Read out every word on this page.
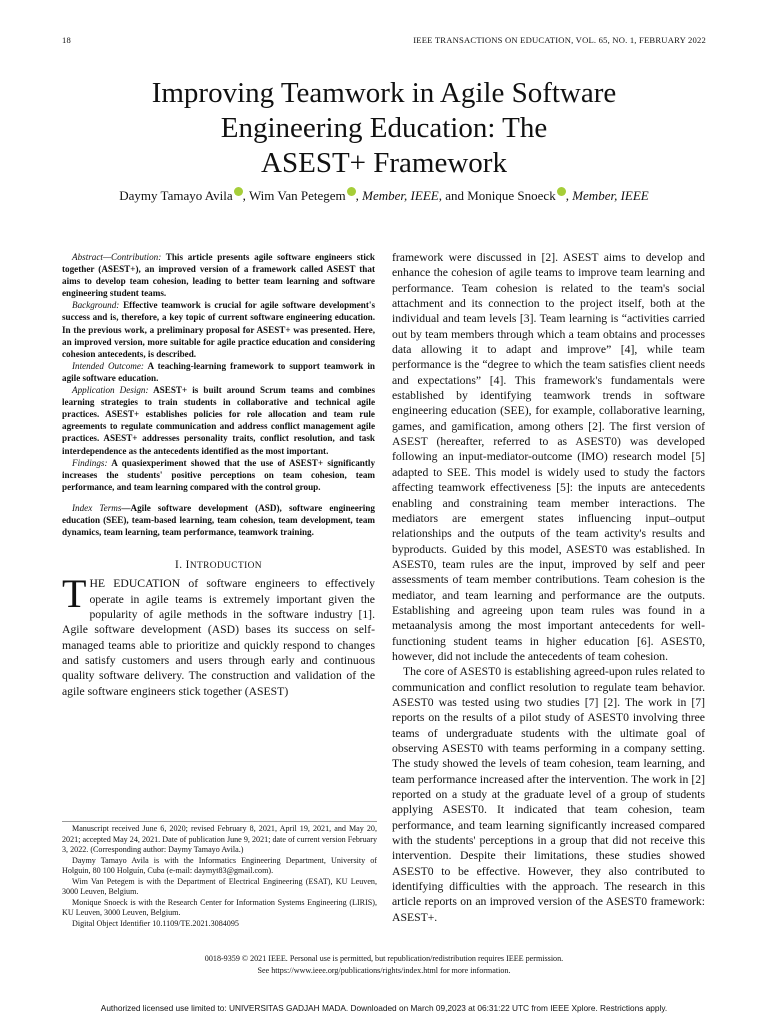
18	IEEE TRANSACTIONS ON EDUCATION, VOL. 65, NO. 1, FEBRUARY 2022
Improving Teamwork in Agile Software
Engineering Education: The
ASEST+ Framework
Daymy Tamayo Avila , Wim Van Petegem , Member, IEEE, and Monique Snoeck , Member, IEEE

Abstract—Contribution: This article presents agile software engineers stick together (ASEST+), an improved version of a framework called ASEST that aims to develop team cohesion, leading to better team learning and software engineering student teams.

Background: Effective teamwork is crucial for agile software development's success and is, therefore, a key topic of current software engineering education. In the previous work, a preliminary proposal for ASEST+ was presented. Here, an improved version, more suitable for agile practice education and considering cohesion antecedents, is described.

Intended Outcome: A teaching-learning framework to support teamwork in agile software education.

Application Design: ASEST+ is built around Scrum teams and combines learning strategies to train students in collaborative and technical agile practices. ASEST+ establishes policies for role allocation and team rule agreements to regulate communication and address conflict management agile practices. ASEST+ addresses personality traits, conflict resolution, and task interdependence as the antecedents identified as the most important.

Findings: A quasiexperiment showed that the use of ASEST+ significantly increases the students' positive perceptions on team cohesion, team performance, and team learning compared with the control group.

Index Terms—Agile software development (ASD), software engineering education (SEE), team-based learning, team cohesion, team development, team dynamics, team learning, team performance, teamwork training.

I. INTRODUCTION

THE EDUCATION of software engineers to effectively operate in agile teams is extremely important given the popularity of agile methods in the software industry [1]. Agile software development (ASD) bases its success on self-managed teams able to prioritize and quickly respond to changes and satisfy customers and users through early and continuous quality software delivery. The construction and validation of the agile software engineers stick together (ASEST)

Manuscript received June 6, 2020; revised February 8, 2021, April 19, 2021, and May 20, 2021; accepted May 24, 2021. Date of publication June 9, 2021; date of current version February 3, 2022. (Corresponding author: Daymy Tamayo Avila.)

Daymy Tamayo Avila is with the Informatics Engineering Department, University of Holguin, 80 100 Holguín, Cuba (e-mail: daymyt83@gmail.com).

Wim Van Petegem is with the Department of Electrical Engineering (ESAT), KU Leuven, 3000 Leuven, Belgium.

Monique Snoeck is with the Research Center for Information Systems Engineering (LIRIS), KU Leuven, 3000 Leuven, Belgium.

Digital Object Identifier 10.1109/TE.2021.3084095

framework were discussed in [2]. ASEST aims to develop and enhance the cohesion of agile teams to improve team learning and performance. Team cohesion is related to the team's social attachment and its connection to the project itself, both at the individual and team levels [3]. Team learning is “activities carried out by team members through which a team obtains and processes data allowing it to adapt and improve” [4], while team performance is the “degree to which the team satisfies client needs and expectations” [4]. This framework's fundamentals were established by identifying teamwork trends in software engineering education (SEE), for example, collaborative learning, games, and gamification, among others [2]. The first version of ASEST (hereafter, referred to as ASEST0) was developed following an input-mediator-outcome (IMO) research model [5] adapted to SEE. This model is widely used to study the factors affecting teamwork effectiveness [5]: the inputs are antecedents enabling and constraining team member interactions. The mediators are emergent states influencing input–output relationships and the outputs of the team activity's results and byproducts. Guided by this model, ASEST0 was established. In ASEST0, team rules are the input, improved by self and peer assessments of team member contributions. Team cohesion is the mediator, and team learning and performance are the outputs. Establishing and agreeing upon team rules was found in a metaanalysis among the most important antecedents for well-functioning student teams in higher education [6]. ASEST0, however, did not include the antecedents of team cohesion.

The core of ASEST0 is establishing agreed-upon rules related to communication and conflict resolution to regulate team behavior. ASEST0 was tested using two studies [7] [2]. The work in [7] reports on the results of a pilot study of ASEST0 involving three teams of undergraduate students with the ultimate goal of observing ASEST0 with teams performing in a company setting. The study showed the levels of team cohesion, team learning, and team performance increased after the intervention. The work in [2] reported on a study at the graduate level of a group of students applying ASEST0. It indicated that team cohesion, team performance, and team learning significantly increased compared with the students' perceptions in a group that did not receive this intervention. Despite their limitations, these studies showed ASEST0 to be effective. However, they also contributed to identifying difficulties with the approach. The research in this article reports on an improved version of the ASEST0 framework: ASEST+.

0018-9359 © 2021 IEEE. Personal use is permitted, but republication/redistribution requires IEEE permission.
See https://www.ieee.org/publications/rights/index.html for more information.
Authorized licensed use limited to: UNIVERSITAS GADJAH MADA. Downloaded on March 09,2023 at 06:31:22 UTC from IEEE Xplore. Restrictions apply.
